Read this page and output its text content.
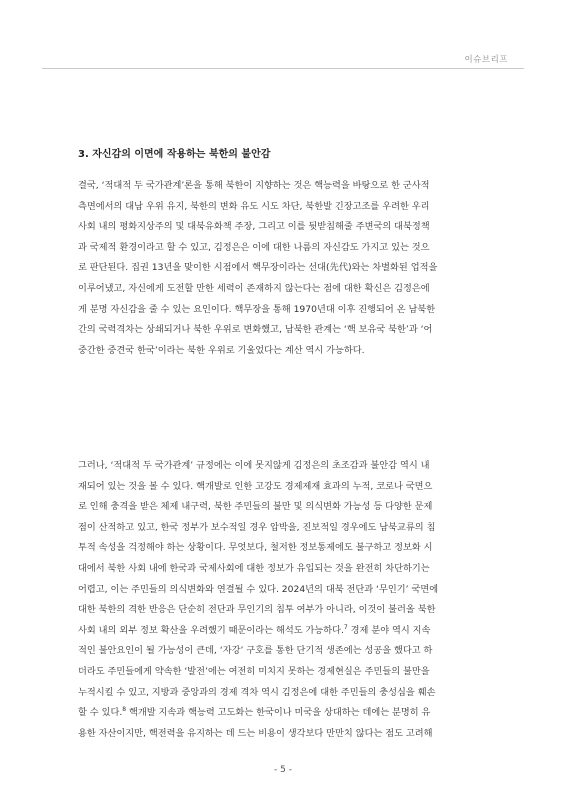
이슈브리프
3. 자신감의 이면에 작용하는 북한의 불안감
결국, ‘적대적 두 국가관계’론을 통해 북한이 지향하는 것은 핵능력을 바탕으로 한 군사적
측면에서의 대남 우위 유지, 북한의 변화 유도 시도 차단, 북한발 긴장고조를 우려한 우리
사회 내의 평화지상주의 및 대북유화책 주장, 그리고 이를 뒷받침해줄 주변국의 대북정책
과 국제적 환경이라고 할 수 있고, 김정은은 이에 대한 나름의 자신감도 가지고 있는 것으
로 판단된다. 집권 13년을 맞이한 시점에서 핵무장이라는 선대(先代)와는 차별화된 업적을
이루어냈고, 자신에게 도전할 만한 세력이 존재하지 않는다는 점에 대한 확신은 김정은에
게 분명 자신감을 줄 수 있는 요인이다. 핵무장을 통해 1970년대 이후 진행되어 온 남북한
간의 국력격차는 상쇄되거나 북한 우위로 변화했고, 남북한 관계는 ‘핵 보유국 북한’과 ‘어
중간한 중견국 한국’이라는 북한 우위로 기울었다는 계산 역시 가능하다.
그러나, ‘적대적 두 국가관계’ 규정에는 이에 못지않게 김정은의 초조감과 불안감 역시 내
재되어 있는 것을 볼 수 있다. 핵개발로 인한 고강도 경제제재 효과의 누적, 코로나 국면으
로 인해 충격을 받은 체제 내구력, 북한 주민들의 불만 및 의식변화 가능성 등 다양한 문제
점이 산적하고 있고, 한국 정부가 보수적일 경우 압박을, 진보적일 경우에도 남북교류의 침
투적 속성을 걱정해야 하는 상황이다. 무엇보다, 철저한 정보통제에도 불구하고 정보화 시
대에서 북한 사회 내에 한국과 국제사회에 대한 정보가 유입되는 것을 완전히 차단하기는
어렵고, 이는 주민들의 의식변화와 연결될 수 있다. 2024년의 대북 전단과 ‘무인기’ 국면에
대한 북한의 격한 반응은 단순히 전단과 무인기의 침투 여부가 아니라, 이것이 불러올 북한
사회 내의 외부 정보 확산을 우려했기 때문이라는 해석도 가능하다.$^7$ 경제 분야 역시 지속
적인 불안요인이 될 가능성이 큰데, ‘자강’ 구호를 통한 단기적 생존에는 성공을 했다고 하
더라도 주민들에게 약속한 ‘발전’에는 여전히 미치지 못하는 경제현실은 주민들의 불만을
누적시킬 수 있고, 지방과 중앙과의 경제 격차 역시 김정은에 대한 주민들의 충성심을 훼손
할 수 있다.$^8$ 핵개발 지속과 핵능력 고도화는 한국이나 미국을 상대하는 데에는 분명히 유
용한 자산이지만, 핵전력을 유지하는 데 드는 비용이 생각보다 만만치 않다는 점도 고려해
- 5 -
